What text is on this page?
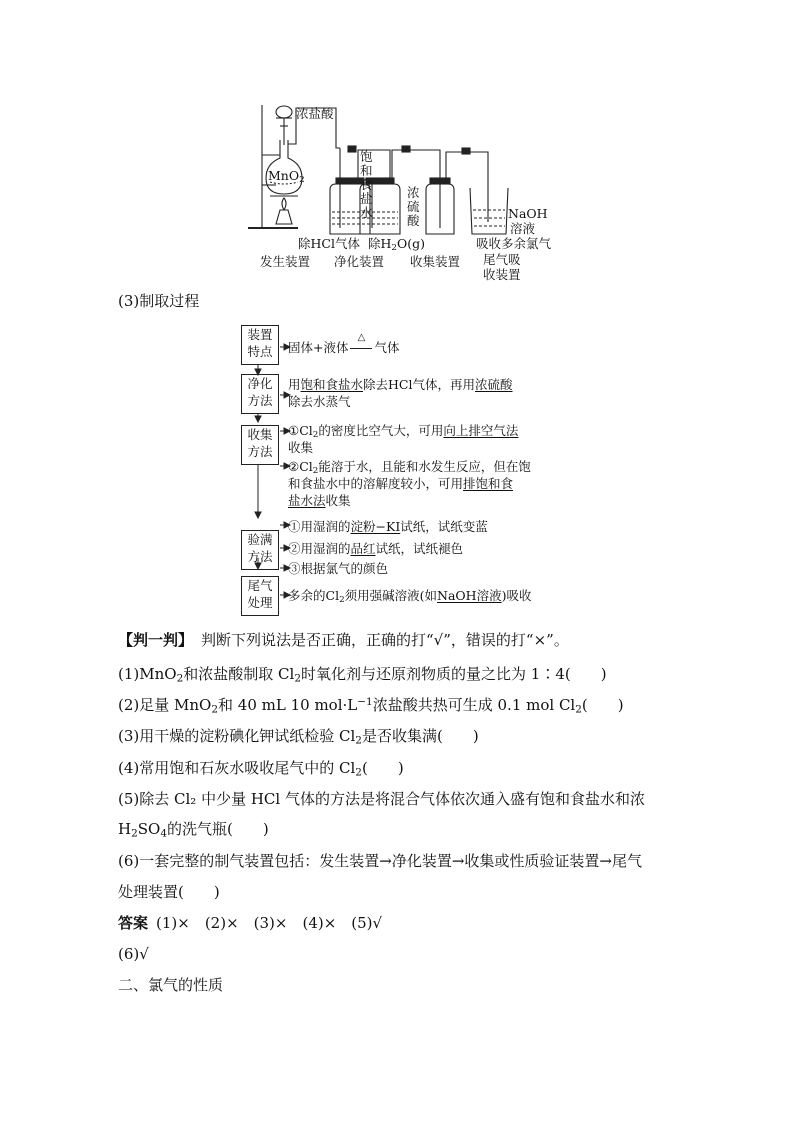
浓盐酸
MnO$_2$
饱
和
食
盐
水
浓
硫
酸	NaOH
溶液
除HCl气体 除$H_2O(g)$	吸收多余氯气
尾气吸
收装置
发生装置 净化装置 收集装置
(3)制取过程
装置
特点
净化
方法
收集
方法
验满
方法
尾气
处理
固体+液体
△
气体
用饱和食盐水除去HCl气体，再用浓硫酸
除去水蒸气
$①Cl_2$的密度比空气大，可用向上排空气法
收集
$②Cl_2$能溶于水，且能和水发生反应，但在饱
和食盐水中的溶解度较小，可用排饱和食
盐水法收集
①用湿润的淀粉−KI试纸，试纸变蓝
②用湿润的品红试纸，试纸褪色
③根据氯气的颜色
多余的$Cl_2$须用强碱溶液(如NaOH溶液)吸收
【判一判】 判断下列说法是否正确，正确的打“√”，错误的打“×”。
(1)MnO$_2$和浓盐酸制取 $Cl_2$时氧化剂与还原剂物质的量之比为 1∶4(　　)
(2)足量 MnO$_2$和 40 mL 10 $mol\cdot L^{-1}$浓盐酸共热可生成 0.1 mol $Cl_2$(　　)
(3)用干燥的淀粉碘化钾试纸检验 $Cl_2$是否收集满(　　)
(4)常用饱和石灰水吸收尾气中的 $Cl_2$(　　)
(5)除去 Cl₂ 中少量 HCl 气体的方法是将混合气体依次通入盛有饱和食盐水和浓
$H_2SO_4$的洗气瓶(　　)
(6)一套完整的制气装置包括：发生装置→净化装置→收集或性质验证装置→尾气
处理装置(　　)
答案 (1)×　(2)×　(3)×　(4)×　(5)√
(6)√
二、氯气的性质
